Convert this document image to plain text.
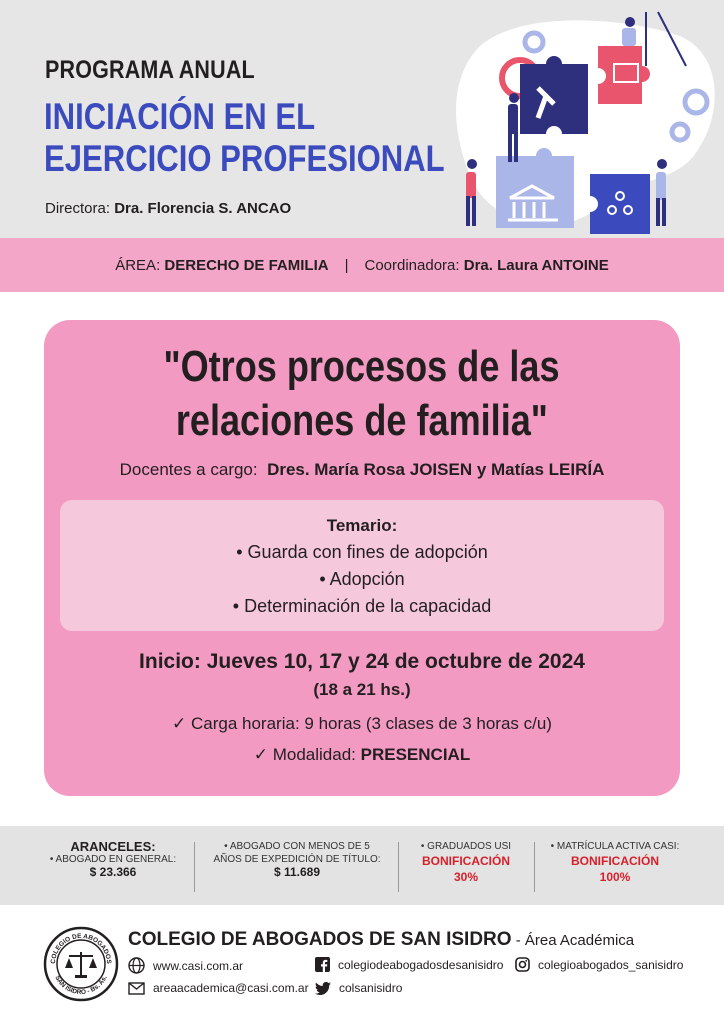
PROGRAMA ANUAL
INICIACIÓN EN EL
EJERCICIO PROFESIONAL
Directora: Dra. Florencia S. ANCAO
ÁREA:
DERECHO DE FAMILIA | Coordinadora:
Dra. Laura ANTOINE
"Otros procesos de las
relaciones de familia"
Docentes a cargo: Dres. María Rosa JOISEN y Matías LEIRÍA
Temario:
• Guarda con fines de adopción
• Adopción
• Determinación de la capacidad
Inicio: Jueves 10, 17 y 24 de octubre de 2024
(18 a 21 hs.)
✓ Carga horaria: 9 horas (3 clases de 3 horas c/u)
✓ Modalidad: PRESENCIAL
ARANCELES:
• ABOGADO EN GENERAL:
$ 23.366
• ABOGADO CON MENOS DE 5
AÑOS DE EXPEDICIÓN DE TÍTULO:
$ 11.689
• GRADUADOS USI
BONIFICACIÓN
30%
• MATRÍCULA ACTIVA CASI:
BONIFICACIÓN
100%
COLEGIO DE ABOGADOS
SAN ISIDRO - Bs. As.
COLEGIO DE ABOGADOS DE SAN ISIDRO - Área Académica
www.casi.com.ar	colegiodeabogadosdesanisidro	colegioabogados_sanisidro
areaacademica@casi.com.ar	colsanisidro
